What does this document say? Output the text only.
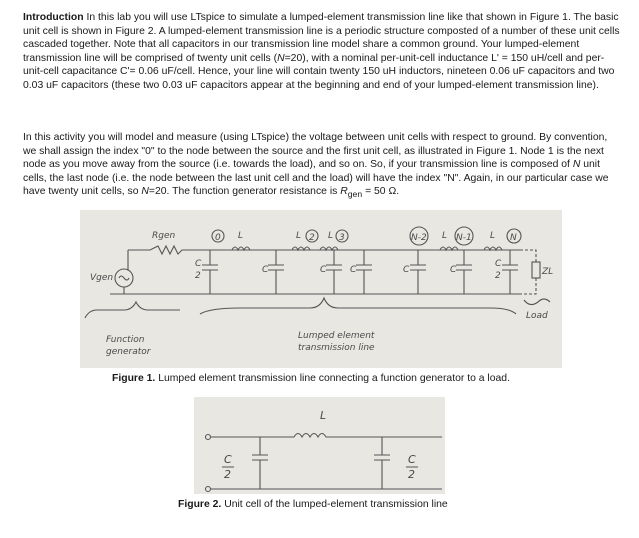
Introduction In this lab you will use LTspice to simulate a lumped-element transmission line like that shown in Figure 1. The basic unit cell is shown in Figure 2. A lumped-element transmission line is a periodic structure composted of a number of these unit cells cascaded together. Note that all capacitors in our transmission line model share a common ground. Your lumped-element transmission line will be comprised of twenty unit cells (N=20), with a nominal per-unit-cell inductance L' = 150 uH/cell and per-unit-cell capacitance C'= 0.06 uF/cell. Hence, your line will contain twenty 150 uH inductors, nineteen 0.06 uF capacitors and two 0.03 uF capacitors (these two 0.03 uF capacitors appear at the beginning and end of your lumped-element transmission line).
In this activity you will model and measure (using LTspice) the voltage between unit cells with respect to ground. By convention, we shall assign the index "0" to the node between the source and the first unit cell, as illustrated in Figure 1. Node 1 is the next node as you move away from the source (i.e. towards the load), and so on. So, if your transmission line is composed of N unit cells, the last node (i.e. the node between the last unit cell and the load) will have the index "N". Again, in our particular case we have twenty unit cells, so N=20. The function generator resistance is $R_{gen} = 50$ Ω.
Rgen
Vgen
0 L	L 2 L 3	N-2 L N-1 L N
C
2
C	C	C	C	C
C
2	ZL
Load
Function
generator
Lumped element
transmission line
Figure 1. Lumped element transmission line connecting a function generator to a load.
L
C
2
C
2
Figure 2. Unit cell of the lumped-element transmission line
